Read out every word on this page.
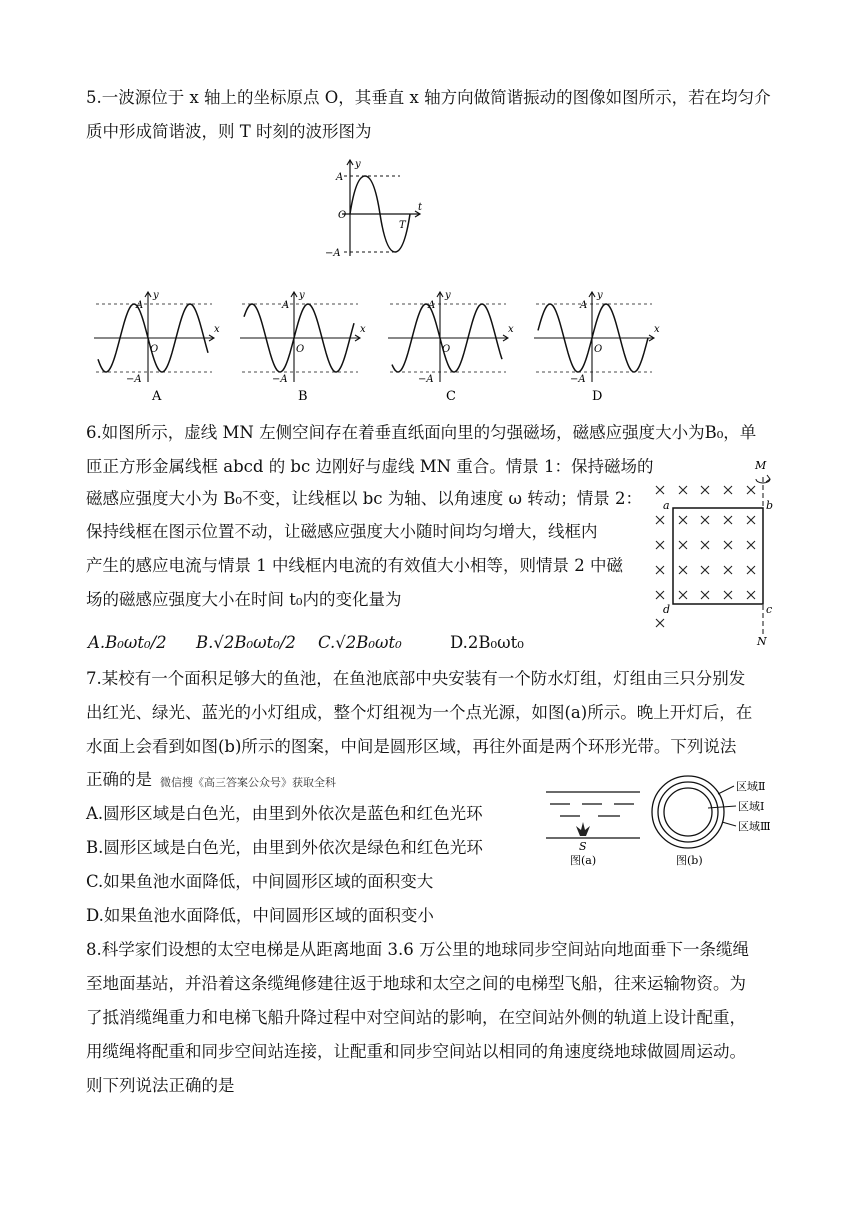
5.一波源位于 x 轴上的坐标原点 O，其垂直 x 轴方向做简谐振动的图像如图所示，若在均匀介
质中形成简谐波，则 T 时刻的波形图为
A
−A
O
y
t
T
A
−A
O
y
x
A
A
−A
O
y
x
B
A
−A
O
y
x
C
A
−A
O
y
x
D
6.如图所示，虚线 MN 左侧空间存在着垂直纸面向里的匀强磁场，磁感应强度大小为B₀，单
匝正方形金属线框 abcd 的 bc 边刚好与虚线 MN 重合。情景 1：保持磁场的
磁感应强度大小为 B₀不变，让线框以 bc 为轴、以角速度 ω 转动；情景 2：
保持线框在图示位置不动，让磁感应强度大小随时间均匀增大，线框内
产生的感应电流与情景 1 中线框内电流的有效值大小相等，则情景 2 中磁
场的磁感应强度大小在时间 t₀内的变化量为
A.B₀ωt₀/2 B.√2B₀ωt₀/2 C.√2B₀ωt₀	D.2B₀ωt₀
M
N
a	b
c
d
7.某校有一个面积足够大的鱼池，在鱼池底部中央安装有一个防水灯组，灯组由三只分别发
出红光、绿光、蓝光的小灯组成，整个灯组视为一个点光源，如图(a)所示。晚上开灯后，在
水面上会看到如图(b)所示的图案，中间是圆形区域，再往外面是两个环形光带。下列说法
正确的是 微信搜《高三答案公众号》获取全科
A.圆形区域是白色光，由里到外依次是蓝色和红色光环
B.圆形区域是白色光，由里到外依次是绿色和红色光环
C.如果鱼池水面降低，中间圆形区域的面积变大
D.如果鱼池水面降低，中间圆形区域的面积变小
S
图(a)
区域Ⅱ
区域Ⅰ
区域Ⅲ
图(b)
8.科学家们设想的太空电梯是从距离地面 3.6 万公里的地球同步空间站向地面垂下一条缆绳
至地面基站，并沿着这条缆绳修建往返于地球和太空之间的电梯型飞船，往来运输物资。为
了抵消缆绳重力和电梯飞船升降过程中对空间站的影响，在空间站外侧的轨道上设计配重，
用缆绳将配重和同步空间站连接，让配重和同步空间站以相同的角速度绕地球做圆周运动。
则下列说法正确的是
